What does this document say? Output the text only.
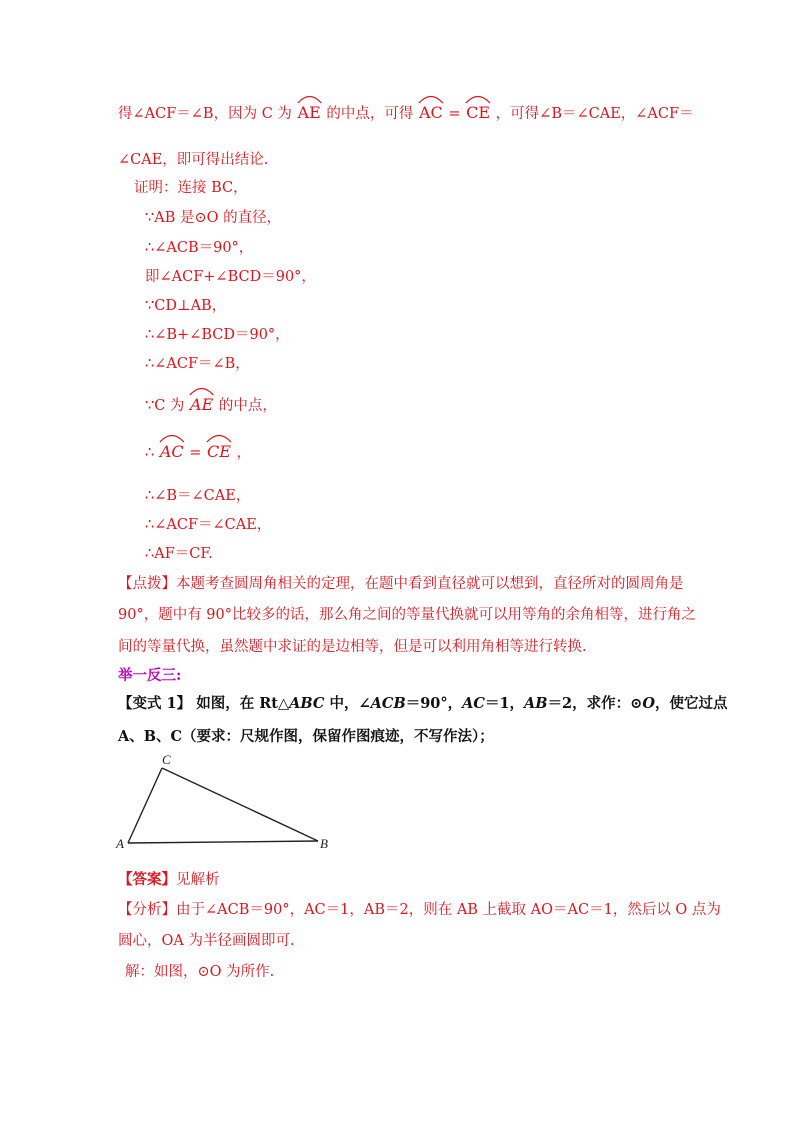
得∠ACF＝∠B，因为 C 为 AE 的中点，可得 AC = CE ，可得∠B＝∠CAE，∠ACF＝
∠CAE，即可得出结论.
证明：连接 BC，
∵AB 是⊙O 的直径，
∴∠ACB＝90°，
即∠ACF+∠BCD＝90°，
∵CD⊥AB，
∴∠B+∠BCD＝90°，
∴∠ACF＝∠B，
∵C 为 AE 的中点，
∴ AC = CE ，
∴∠B＝∠CAE，
∴∠ACF＝∠CAE，
∴AF＝CF.
【点拨】本题考查圆周角相关的定理，在题中看到直径就可以想到，直径所对的圆周角是
90°，题中有 90°比较多的话，那么角之间的等量代换就可以用等角的余角相等，进行角之
间的等量代换，虽然题中求证的是边相等，但是可以利用角相等进行转换.
举一反三:
【变式 1】 如图，在 Rt△ABC 中，∠ACB＝90°，AC＝1，AB＝2，求作：⊙O，使它过点
A、B、C（要求：尺规作图，保留作图痕迹，不写作法）；
C
A	B
【答案】见解析
【分析】由于∠ACB＝90°，AC＝1，AB＝2，则在 AB 上截取 AO＝AC＝1，然后以 O 点为
圆心，OA 为半径画圆即可.
解：如图，⊙O 为所作.
